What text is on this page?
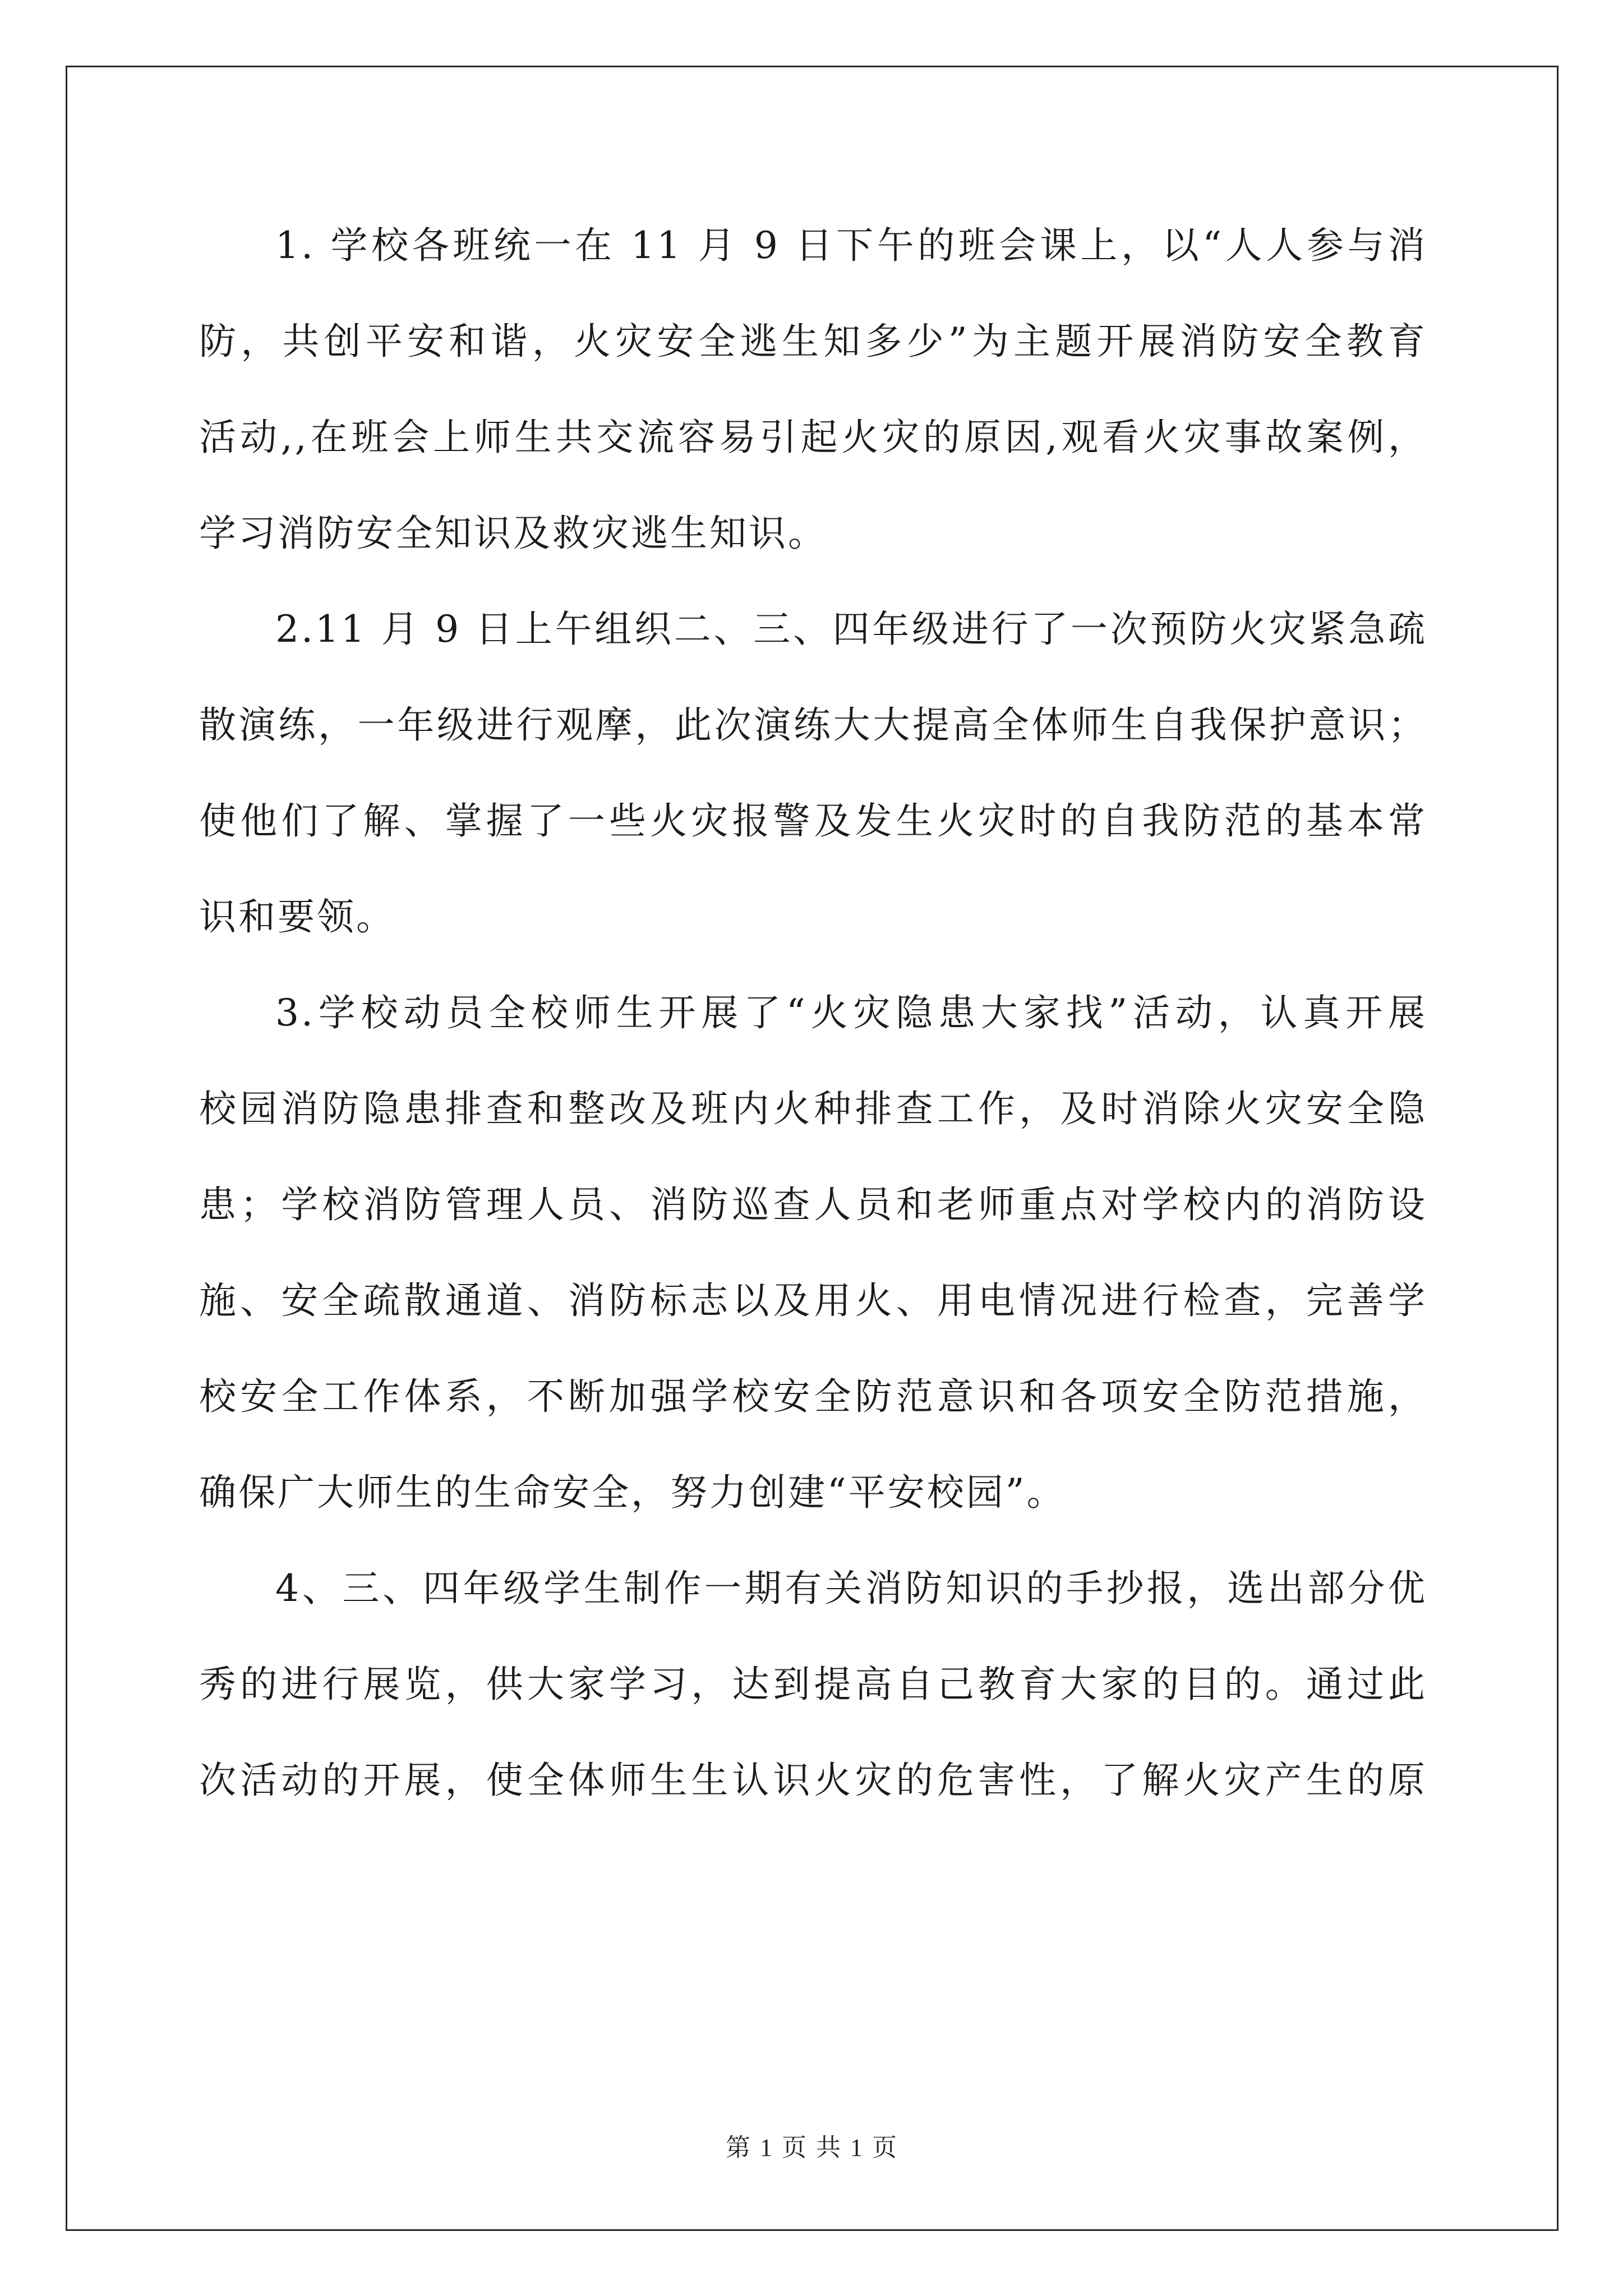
1. 学校各班统一在 11 月 9 日下午的班会课上，以“人人参与消
防，共创平安和谐，火灾安全逃生知多少”为主题开展消防安全教育
活动,,在班会上师生共交流容易引起火灾的原因,观看火灾事故案例，
学习消防安全知识及救灾逃生知识。
2.11 月 9 日上午组织二、三、四年级进行了一次预防火灾紧急疏
散演练，一年级进行观摩，此次演练大大提高全体师生自我保护意识；
使他们了解、掌握了一些火灾报警及发生火灾时的自我防范的基本常
识和要领。
3.学校动员全校师生开展了“火灾隐患大家找”活动，认真开展
校园消防隐患排查和整改及班内火种排查工作，及时消除火灾安全隐
患；学校消防管理人员、消防巡查人员和老师重点对学校内的消防设
施、安全疏散通道、消防标志以及用火、用电情况进行检查，完善学
校安全工作体系，不断加强学校安全防范意识和各项安全防范措施，
确保广大师生的生命安全，努力创建“平安校园”。
4、三、四年级学生制作一期有关消防知识的手抄报，选出部分优
秀的进行展览，供大家学习，达到提高自己教育大家的目的。通过此
次活动的开展，使全体师生生认识火灾的危害性，了解火灾产生的原
第 1 页 共 1 页
